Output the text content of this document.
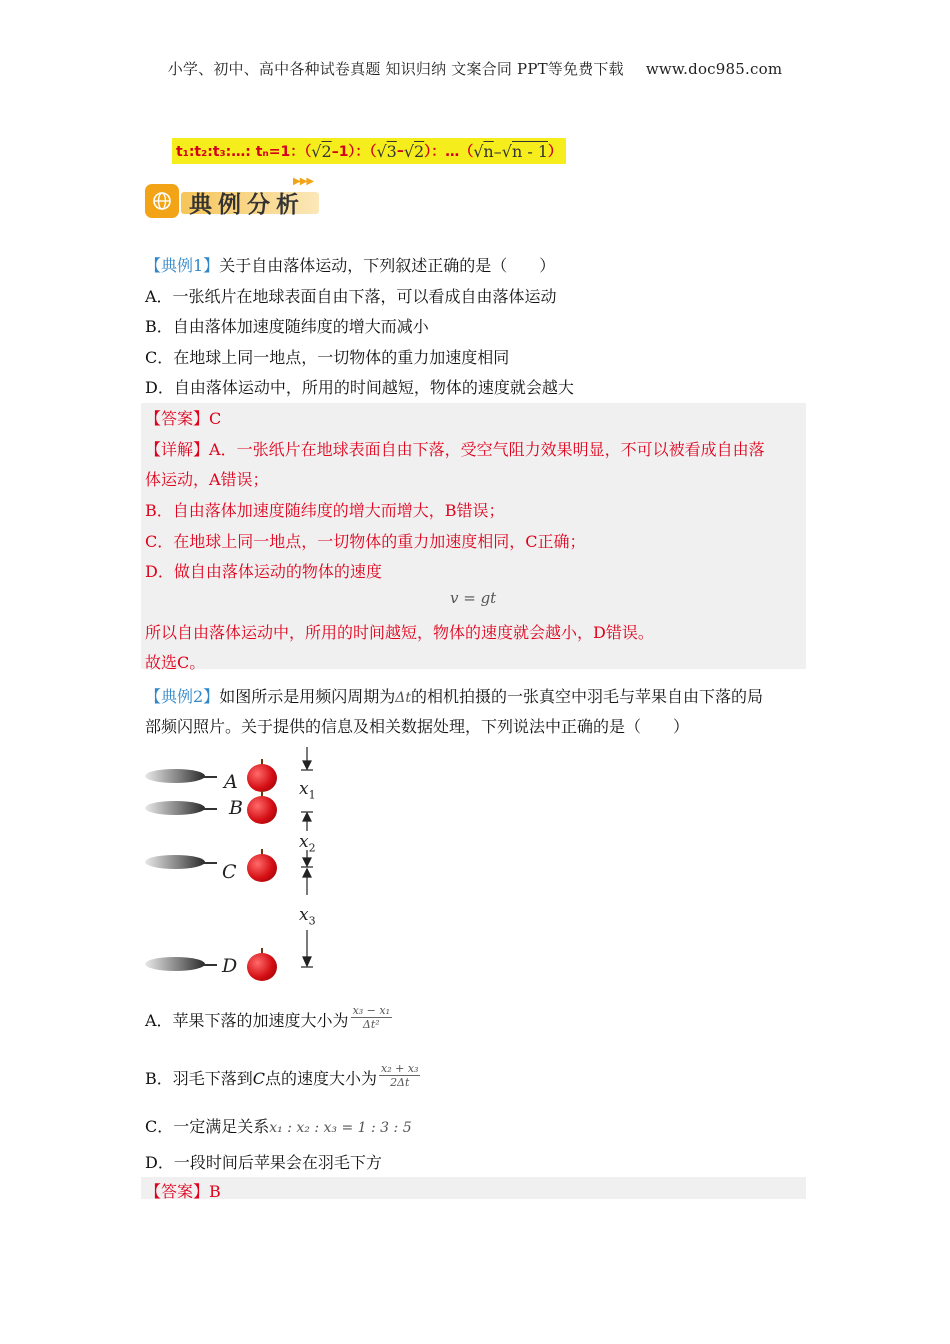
小学、初中、高中各种试卷真题 知识归纳 文案合同 PPT等免费下载 www.doc985.com
t₁:t₂:t₃:…: tₙ=1：（ √2 –1）：（ √3 – √2 ）：…（ √n – √n - 1 ）
典例分析
▶▶▶
【典例1】关于自由落体运动，下列叙述正确的是（　　）
A．一张纸片在地球表面自由下落，可以看成自由落体运动
B．自由落体加速度随纬度的增大而减小
C．在地球上同一地点，一切物体的重力加速度相同
D．自由落体运动中，所用的时间越短，物体的速度就会越大
【答案】C
【详解】A．一张纸片在地球表面自由下落，受空气阻力效果明显，不可以被看成自由落
体运动，A错误；
B．自由落体加速度随纬度的增大而增大，B错误；
C．在地球上同一地点，一切物体的重力加速度相同，C正确；
D．做自由落体运动的物体的速度
v = gt
所以自由落体运动中，所用的时间越短，物体的速度就会越小，D错误。
故选C。
【典例2】如图所示是用频闪周期为Δt的相机拍摄的一张真空中羽毛与苹果自由下落的局
部频闪照片。关于提供的信息及相关数据处理，下列说法中正确的是（　　）
A
B
C
D
$x_1$
$x_2$
$x_3$
A．苹果下落的加速度大小为 $\frac{\text{x₃ − x₁}}{\text{Δt²}}$
B．羽毛下落到C点的速度大小为 $\frac{\text{x₂ + x₃}}{2\Delta t}$
C．一定满足关系x₁ : x₂ : x₃ = 1 : 3 : 5
D．一段时间后苹果会在羽毛下方
【答案】B
